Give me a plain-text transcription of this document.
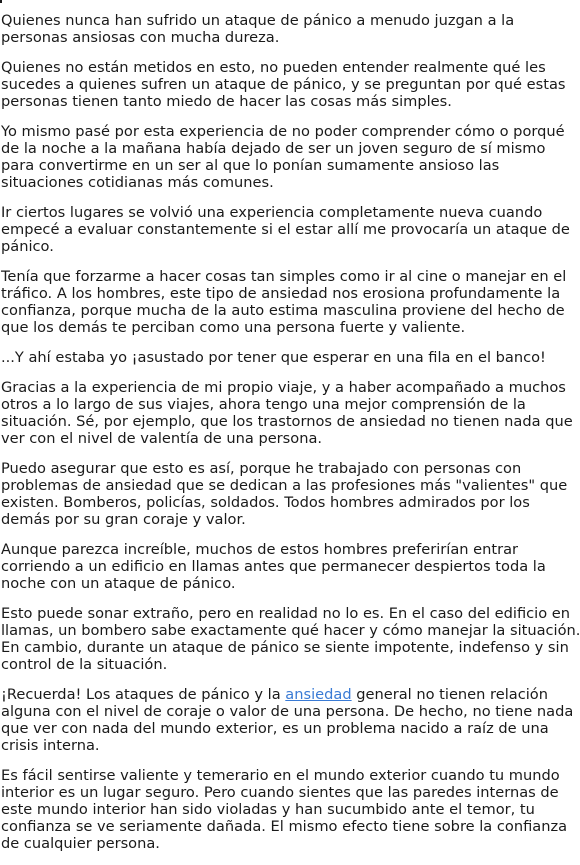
Quienes nunca han sufrido un ataque de pánico a menudo juzgan a la personas ansiosas con mucha dureza.

Quienes no están metidos en esto, no pueden entender realmente qué les sucedes a quienes sufren un ataque de pánico, y se preguntan por qué estas personas tienen tanto miedo de hacer las cosas más simples.

Yo mismo pasé por esta experiencia de no poder comprender cómo o porqué de la noche a la mañana había dejado de ser un joven seguro de sí mismo para convertirme en un ser al que lo ponían sumamente ansioso las situaciones cotidianas más comunes.

Ir ciertos lugares se volvió una experiencia completamente nueva cuando empecé a evaluar constantemente si el estar allí me provocaría un ataque de pánico.

Tenía que forzarme a hacer cosas tan simples como ir al cine o manejar en el tráfico. A los hombres, este tipo de ansiedad nos erosiona profundamente la confianza, porque mucha de la auto estima masculina proviene del hecho de que los demás te perciban como una persona fuerte y valiente.

...Y ahí estaba yo ¡asustado por tener que esperar en una fila en el banco!

Gracias a la experiencia de mi propio viaje, y a haber acompañado a muchos otros a lo largo de sus viajes, ahora tengo una mejor comprensión de la situación. Sé, por ejemplo, que los trastornos de ansiedad no tienen nada que ver con el nivel de valentía de una persona.

Puedo asegurar que esto es así, porque he trabajado con personas con problemas de ansiedad que se dedican a las profesiones más "valientes" que existen. Bomberos, policías, soldados. Todos hombres admirados por los demás por su gran coraje y valor.

Aunque parezca increíble, muchos de estos hombres preferirían entrar corriendo a un edificio en llamas antes que permanecer despiertos toda la noche con un ataque de pánico.

Esto puede sonar extraño, pero en realidad no lo es. En el caso del edificio en llamas, un bombero sabe exactamente qué hacer y cómo manejar la situación. En cambio, durante un ataque de pánico se siente impotente, indefenso y sin control de la situación.

¡Recuerda! Los ataques de pánico y la ansiedad general no tienen relación alguna con el nivel de coraje o valor de una persona. De hecho, no tiene nada que ver con nada del mundo exterior, es un problema nacido a raíz de una crisis interna.

Es fácil sentirse valiente y temerario en el mundo exterior cuando tu mundo interior es un lugar seguro. Pero cuando sientes que las paredes internas de este mundo interior han sido violadas y han sucumbido ante el temor, tu confianza se ve seriamente dañada. El mismo efecto tiene sobre la confianza de cualquier persona.
